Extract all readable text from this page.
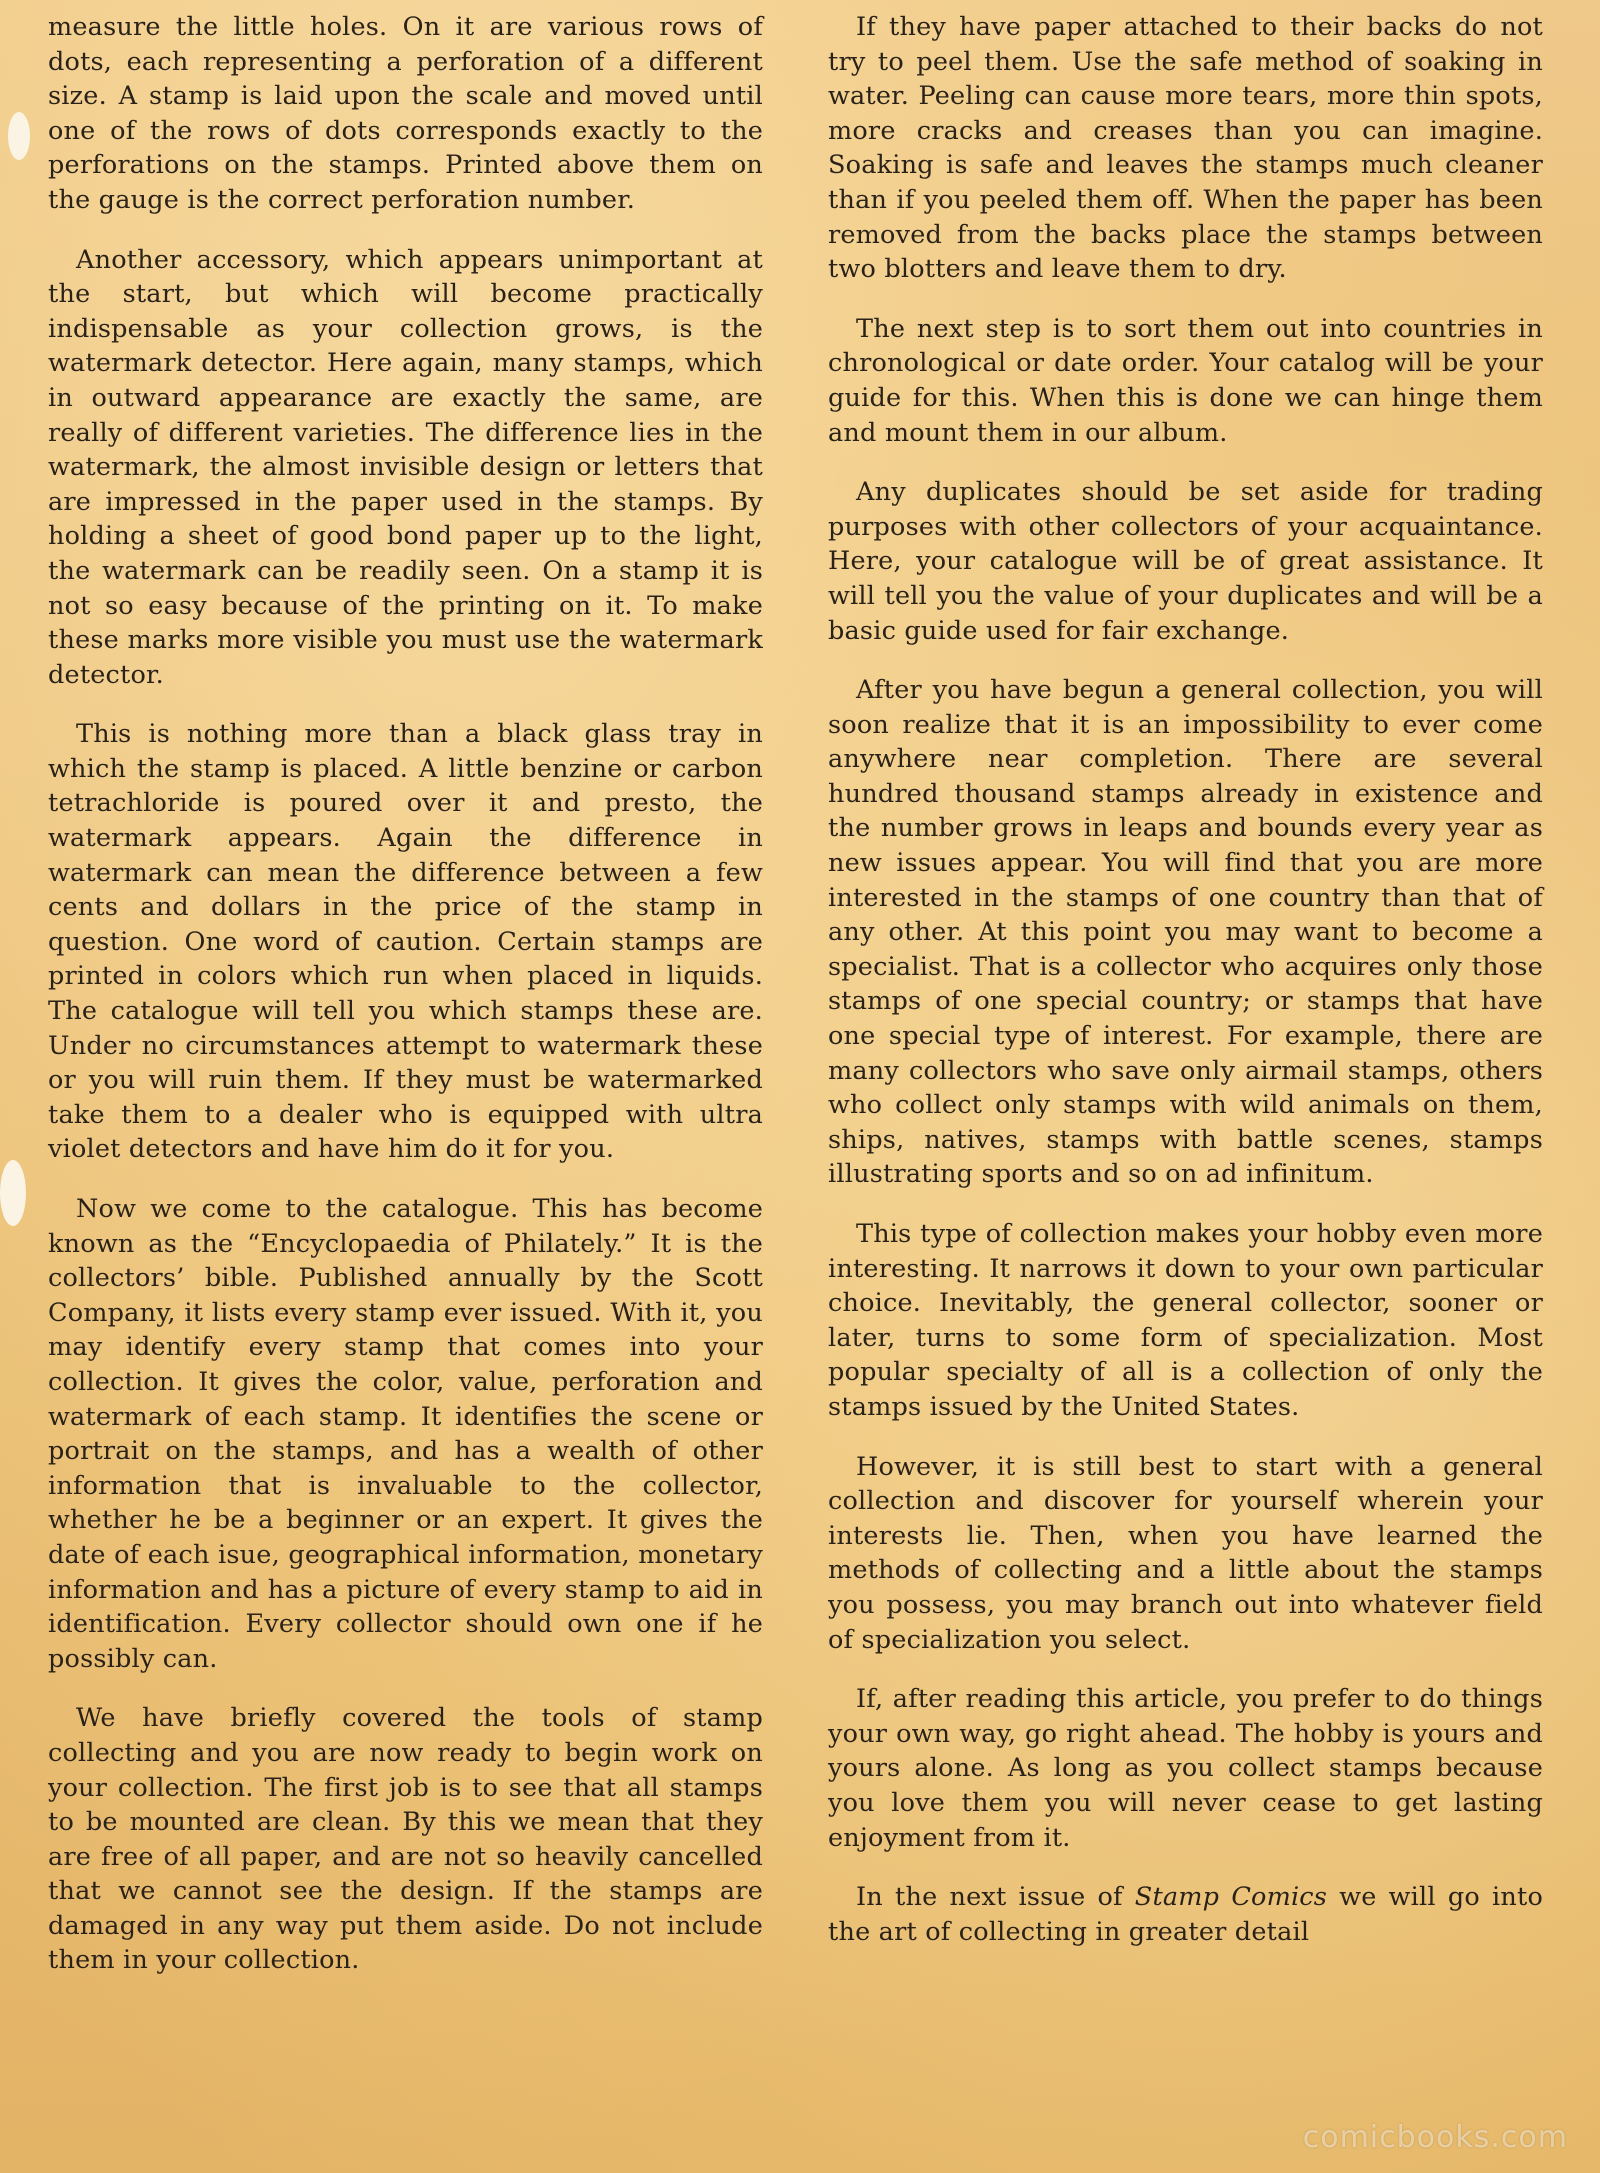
measure the little holes. On it are various rows of dots, each representing a perforation of a different size. A stamp is laid upon the scale and moved until one of the rows of dots corresponds exactly to the perforations on the stamps. Printed above them on the gauge is the correct perforation number.

Another accessory, which appears unimportant at the start, but which will become practically indispensable as your collection grows, is the watermark detector. Here again, many stamps, which in outward appearance are exactly the same, are really of different varieties. The difference lies in the watermark, the almost invisible design or letters that are impressed in the paper used in the stamps. By holding a sheet of good bond paper up to the light, the watermark can be readily seen. On a stamp it is not so easy because of the printing on it. To make these marks more visible you must use the watermark detector.

This is nothing more than a black glass tray in which the stamp is placed. A little benzine or carbon tetrachloride is poured over it and presto, the watermark appears. Again the difference in watermark can mean the difference between a few cents and dollars in the price of the stamp in question. One word of caution. Certain stamps are printed in colors which run when placed in liquids. The catalogue will tell you which stamps these are. Under no circumstances attempt to watermark these or you will ruin them. If they must be watermarked take them to a dealer who is equipped with ultra violet detectors and have him do it for you.

Now we come to the catalogue. This has become known as the “Encyclopaedia of Philately.” It is the collectors’ bible. Published annually by the Scott Company, it lists every stamp ever issued. With it, you may identify every stamp that comes into your collection. It gives the color, value, perforation and watermark of each stamp. It identifies the scene or portrait on the stamps, and has a wealth of other information that is invaluable to the collector, whether he be a beginner or an expert. It gives the date of each isue, geographical information, monetary information and has a picture of every stamp to aid in identification. Every collector should own one if he possibly can.

We have briefly covered the tools of stamp collecting and you are now ready to begin work on your collection. The first job is to see that all stamps to be mounted are clean. By this we mean that they are free of all paper, and are not so heavily cancelled that we cannot see the design. If the stamps are damaged in any way put them aside. Do not include them in your collection.

If they have paper attached to their backs do not try to peel them. Use the safe method of soaking in water. Peeling can cause more tears, more thin spots, more cracks and creases than you can imagine. Soaking is safe and leaves the stamps much cleaner than if you peeled them off. When the paper has been removed from the backs place the stamps between two blotters and leave them to dry.

The next step is to sort them out into countries in chronological or date order. Your catalog will be your guide for this. When this is done we can hinge them and mount them in our album.

Any duplicates should be set aside for trading purposes with other collectors of your acquaintance. Here, your catalogue will be of great assistance. It will tell you the value of your duplicates and will be a basic guide used for fair exchange.

After you have begun a general collection, you will soon realize that it is an impossibility to ever come anywhere near completion. There are several hundred thousand stamps already in existence and the number grows in leaps and bounds every year as new issues appear. You will find that you are more interested in the stamps of one country than that of any other. At this point you may want to become a specialist. That is a collector who acquires only those stamps of one special country; or stamps that have one special type of interest. For example, there are many collectors who save only airmail stamps, others who collect only stamps with wild animals on them, ships, natives, stamps with battle scenes, stamps illustrating sports and so on ad infinitum.

This type of collection makes your hobby even more interesting. It narrows it down to your own particular choice. Inevitably, the general collector, sooner or later, turns to some form of specialization. Most popular specialty of all is a collection of only the stamps issued by the United States.

However, it is still best to start with a general collection and discover for yourself wherein your interests lie. Then, when you have learned the methods of collecting and a little about the stamps you possess, you may branch out into whatever field of specialization you select.

If, after reading this article, you prefer to do things your own way, go right ahead. The hobby is yours and yours alone. As long as you collect stamps because you love them you will never cease to get lasting enjoyment from it.

In the next issue of Stamp Comics we will go into the art of collecting in greater detail

comicbooks.com
